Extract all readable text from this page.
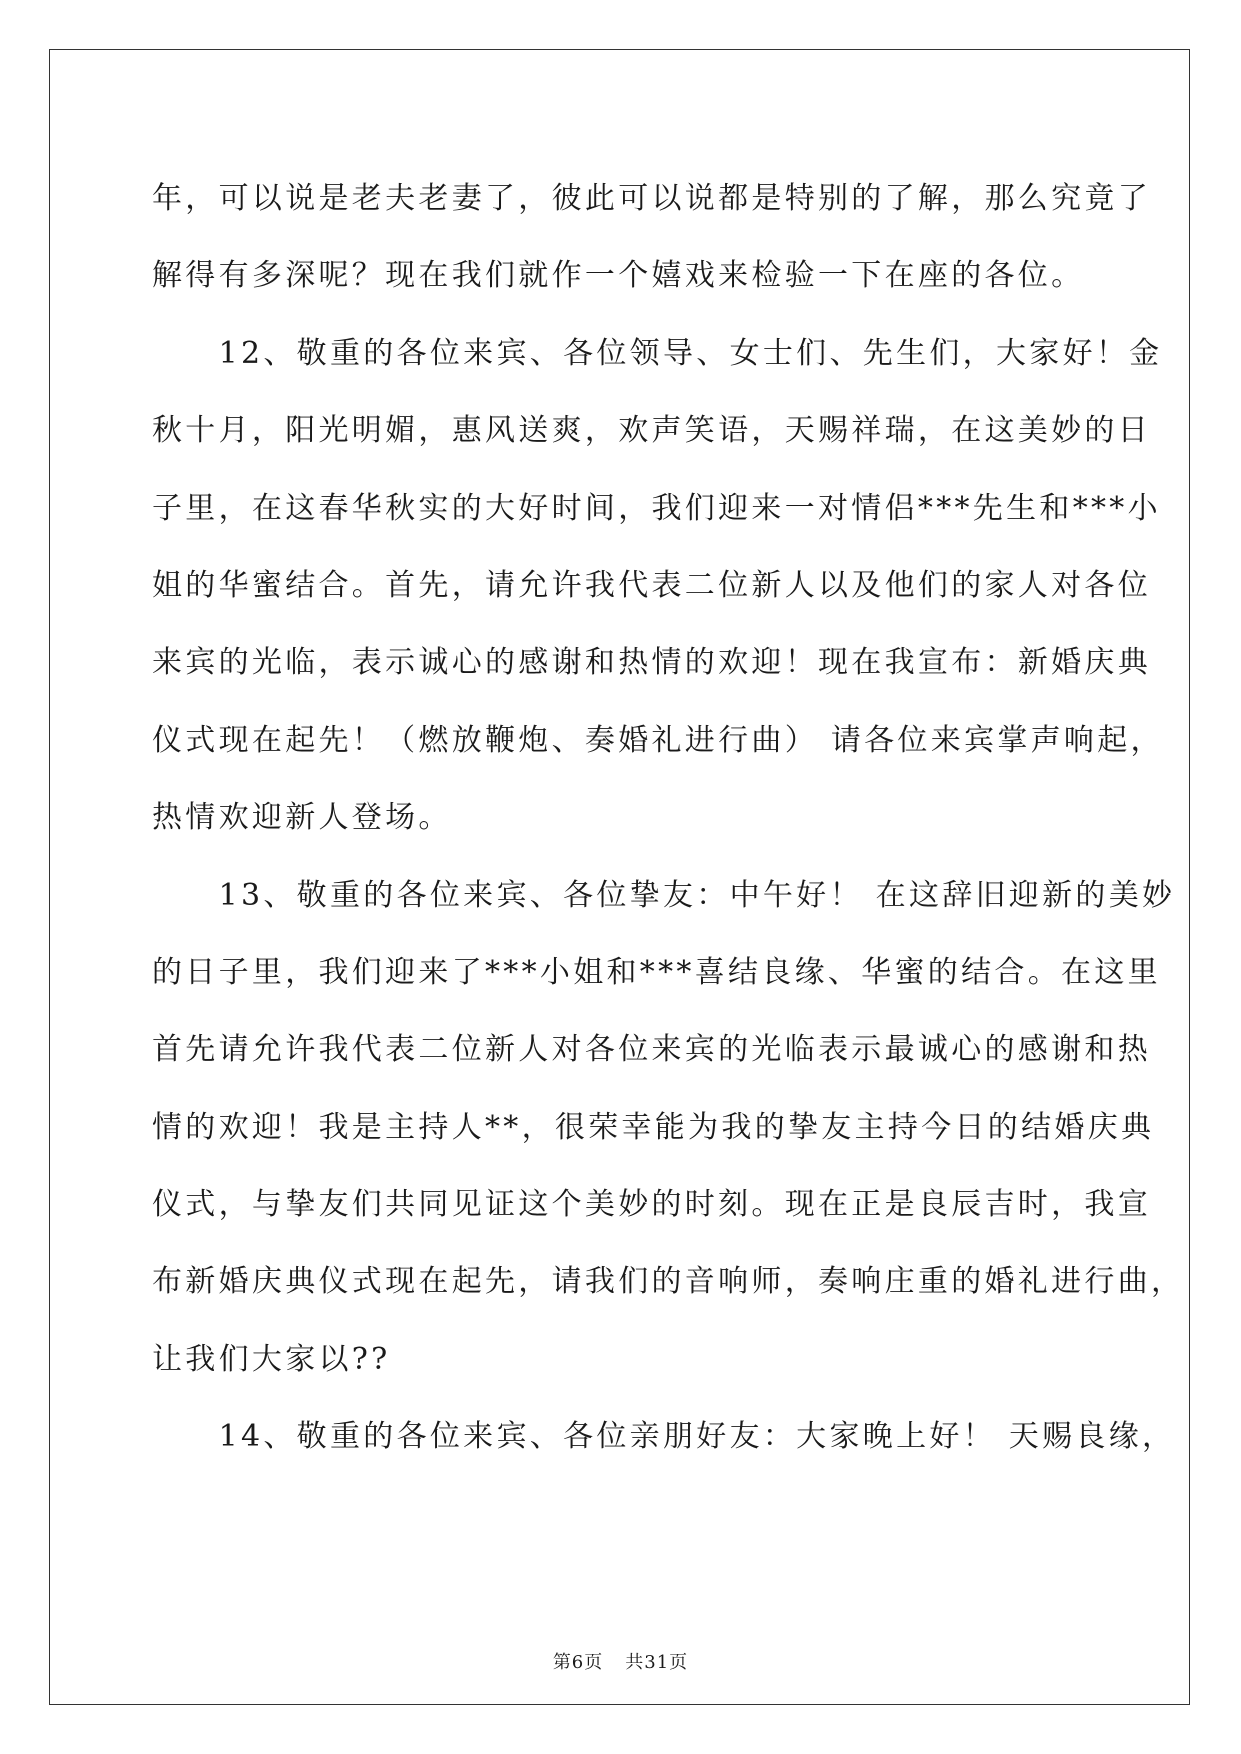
年，可以说是老夫老妻了，彼此可以说都是特别的了解，那么究竟了
解得有多深呢？现在我们就作一个嬉戏来检验一下在座的各位。
　　12、敬重的各位来宾、各位领导、女士们、先生们，大家好！金
秋十月，阳光明媚，惠风送爽，欢声笑语，天赐祥瑞，在这美妙的日
子里，在这春华秋实的大好时间，我们迎来一对情侣***先生和***小
姐的华蜜结合。首先，请允许我代表二位新人以及他们的家人对各位
来宾的光临，表示诚心的感谢和热情的欢迎！现在我宣布：新婚庆典
仪式现在起先！（燃放鞭炮、奏婚礼进行曲） 请各位来宾掌声响起，
热情欢迎新人登场。
　　13、敬重的各位来宾、各位挚友：中午好！ 在这辞旧迎新的美妙
的日子里，我们迎来了***小姐和***喜结良缘、华蜜的结合。在这里
首先请允许我代表二位新人对各位来宾的光临表示最诚心的感谢和热
情的欢迎！我是主持人**，很荣幸能为我的挚友主持今日的结婚庆典
仪式，与挚友们共同见证这个美妙的时刻。现在正是良辰吉时，我宣
布新婚庆典仪式现在起先，请我们的音响师，奏响庄重的婚礼进行曲，
让我们大家以??
　　14、敬重的各位来宾、各位亲朋好友：大家晚上好！ 天赐良缘，
第6页 共31页
